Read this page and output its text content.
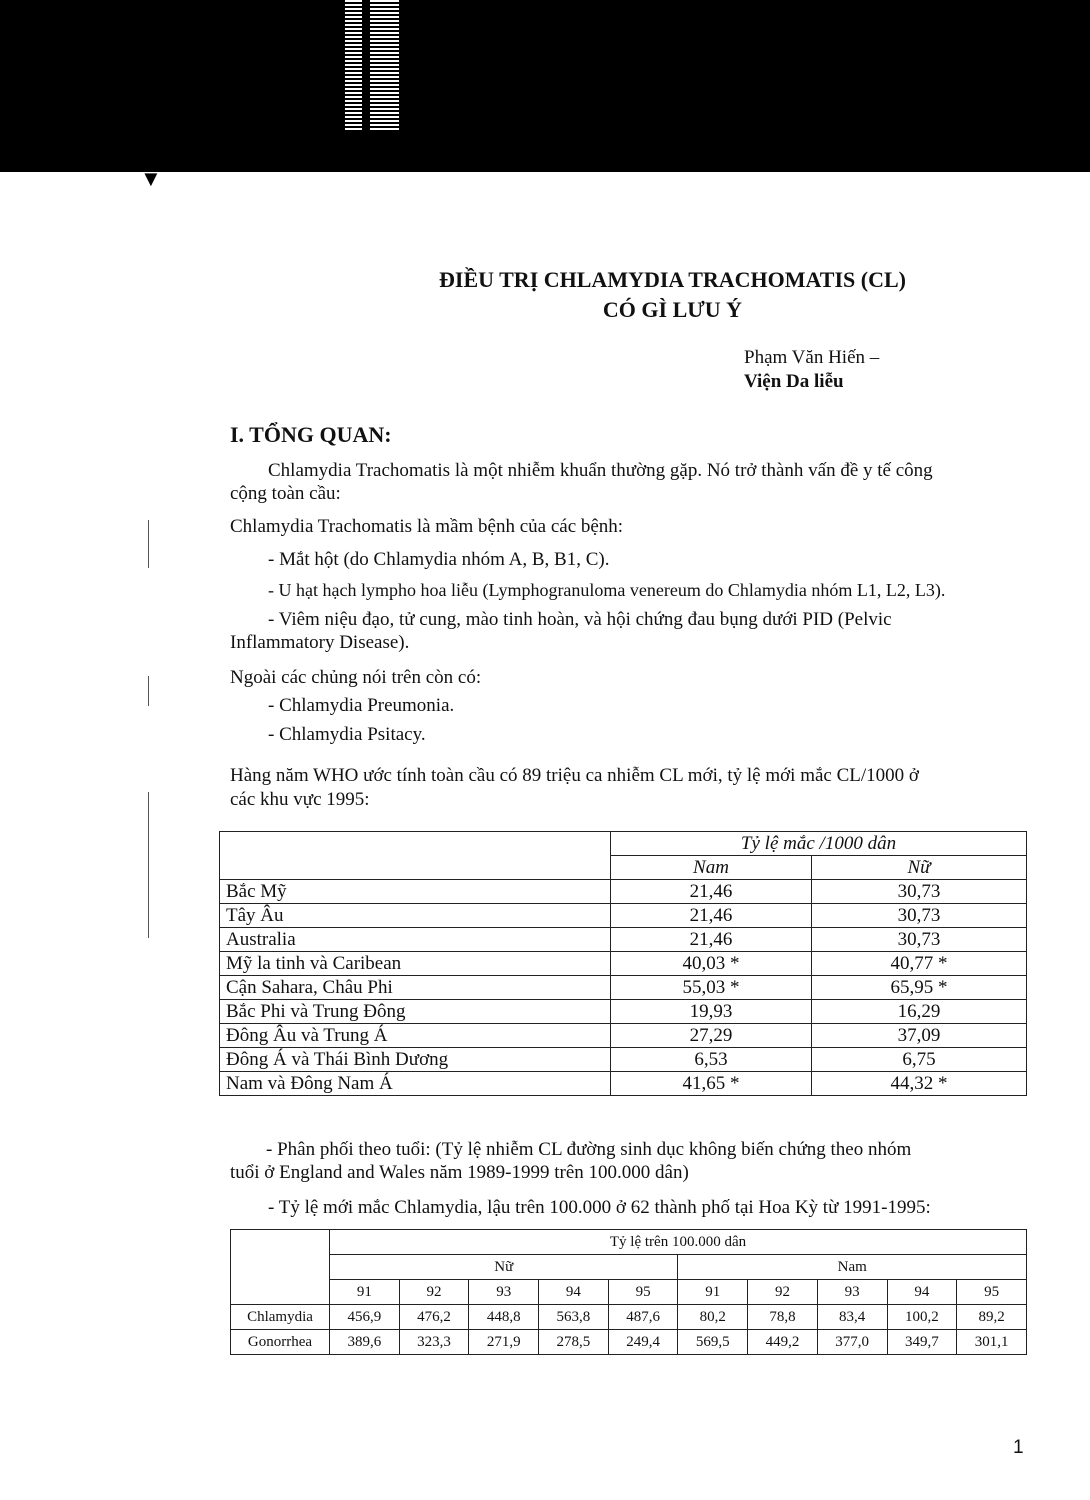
▼
ĐIỀU TRỊ CHLAMYDIA TRACHOMATIS (CL)
CÓ GÌ LƯU Ý
Phạm Văn Hiến –
Viện Da liễu
I. TỔNG QUAN:
Chlamydia Trachomatis là một nhiễm khuẩn thường gặp. Nó trở thành vấn đề y tế công
cộng toàn cầu:
Chlamydia Trachomatis là mầm bệnh của các bệnh:
- Mắt hột (do Chlamydia nhóm A, B, B1, C).
- U hạt hạch lympho hoa liễu (Lymphogranuloma venereum do Chlamydia nhóm L1, L2, L3).
- Viêm niệu đạo, tử cung, mào tinh hoàn, và hội chứng đau bụng dưới PID (Pelvic
Inflammatory Disease).
Ngoài các chủng nói trên còn có:
- Chlamydia Preumonia.
- Chlamydia Psitacy.
Hàng năm WHO ước tính toàn cầu có 89 triệu ca nhiễm CL mới, tỷ lệ mới mắc CL/1000 ở
các khu vực 1995:
	Tỷ lệ mắc /1000 dân	
	Nam	Nữ
Bắc Mỹ	21,46	30,73
Tây Âu	21,46	30,73
Australia	21,46	30,73
Mỹ la tinh và Caribean	40,03 *	40,77 *
Cận Sahara, Châu Phi	55,03 *	65,95 *
Bắc Phi và Trung Đông	19,93	16,29
Đông Âu và Trung Á	27,29	37,09
Đông Á và Thái Bình Dương	6,53	6,75
Nam và Đông Nam Á	41,65 *	44,32 *
- Phân phối theo tuổi: (Tỷ lệ nhiễm CL đường sinh dục không biến chứng theo nhóm
tuổi ở England and Wales năm 1989-1999 trên 100.000 dân)
- Tỷ lệ mới mắc Chlamydia, lậu trên 100.000 ở 62 thành phố tại Hoa Kỳ từ 1991-1995:
	Tỷ lệ trên 100.000 dân									
	Nữ					Nam				
	91	92	93	94	95	91	92	93	94	95
Chlamydia	456,9	476,2	448,8	563,8	487,6	80,2	78,8	83,4	100,2	89,2
Gonorrhea	389,6	323,3	271,9	278,5	249,4	569,5	449,2	377,0	349,7	301,1
1
